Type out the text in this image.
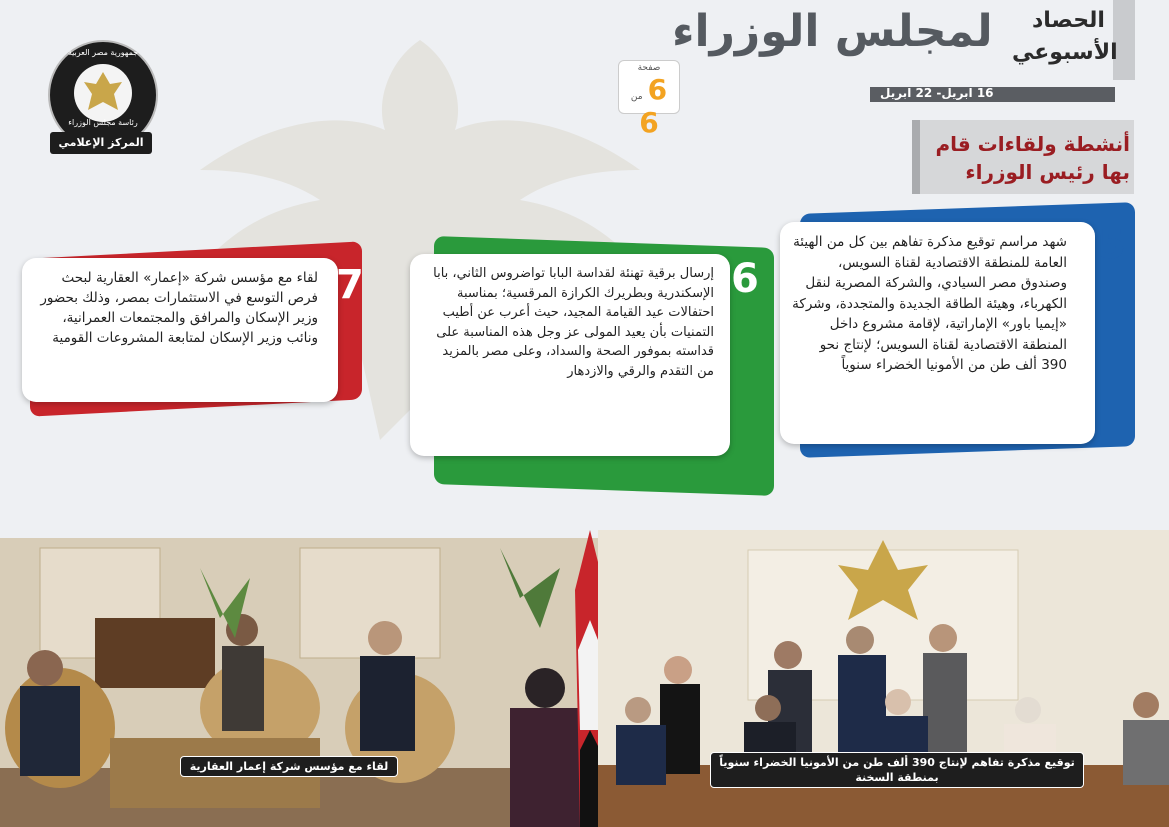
جمهورية مصر العربية
رئاسة مجلس الوزراء
المركز الإعلامي
لمجلس الوزراء الحصاد
الأسبوعي
16 ابريل- 22 ابريل
صفحة
6 من 6
أنشطة ولقاءات قام
بها رئيس الوزراء
شهد مراسم توقيع مذكرة تفاهم بين كل من الهيئة العامة للمنطقة الاقتصادية لقناة السويس، وصندوق مصر السيادي، والشركة المصرية لنقل الكهرباء، وهيئة الطاقة الجديدة والمتجددة، وشركة «إيميا باور» الإماراتية، لإقامة مشروع داخل المنطقة الاقتصادية لقناة السويس؛ لإنتاج نحو 390 ألف طن من الأمونيا الخضراء سنوياً
5
إرسال برقية تهنئة لقداسة البابا تواضروس الثاني، بابا الإسكندرية وبطريرك الكرازة المرقسية؛ بمناسبة احتفالات عيد القيامة المجيد، حيث أعرب عن أطيب التمنيات بأن يعيد المولى عز وجل هذه المناسبة على قداسته بموفور الصحة والسداد، وعلى مصر بالمزيد من التقدم والرقي والازدهار
6
لقاء مع مؤسس شركة «إعمار» العقارية لبحث فرص التوسع في الاستثمارات بمصر، وذلك بحضور وزير الإسكان والمرافق والمجتمعات العمرانية، ونائب وزير الإسكان لمتابعة المشروعات القومية
7
لقاء مع مؤسس شركة إعمار العقارية	توقيع مذكرة تفاهم لإنتاج 390 ألف طن من الأمونيا الخضراء سنوياً بمنطقة السخنة
